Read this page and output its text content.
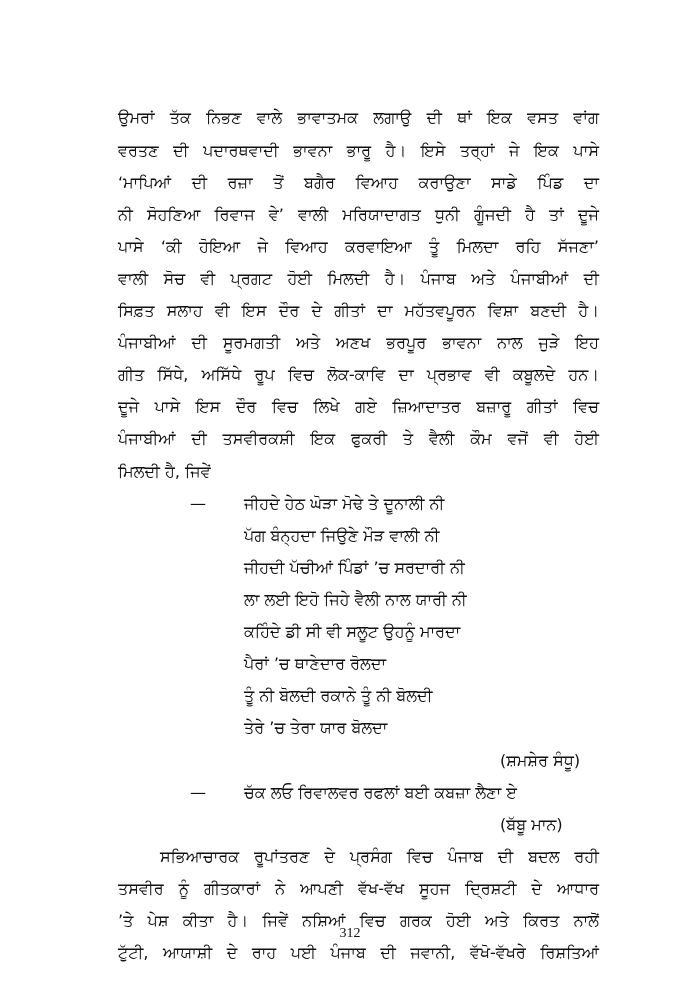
ਉਮਰਾਂ ਤੱਕ ਨਿਭਣ ਵਾਲੇ ਭਾਵਾਤਮਕ ਲਗਾਉ ਦੀ ਥਾਂ ਇਕ ਵਸਤ ਵਾਂਗ
ਵਰਤਣ ਦੀ ਪਦਾਰਥਵਾਦੀ ਭਾਵਨਾ ਭਾਰੂ ਹੈ। ਇਸੇ ਤਰ੍ਹਾਂ ਜੇ ਇਕ ਪਾਸੇ
‘ਮਾਪਿਆਂ ਦੀ ਰਜ਼ਾ ਤੋਂ ਬਗੈਰ ਵਿਆਹ ਕਰਾਉਣਾ ਸਾਡੇ ਪਿੰਡ ਦਾ
ਨੀ ਸੋਹਣਿਆ ਰਿਵਾਜ ਵੇ’ ਵਾਲੀ ਮਰਿਯਾਦਾਗਤ ਧੁਨੀ ਗੂੰਜਦੀ ਹੈ ਤਾਂ ਦੂਜੇ
ਪਾਸੇ ‘ਕੀ ਹੋਇਆ ਜੇ ਵਿਆਹ ਕਰਵਾਇਆ ਤੂੰ ਮਿਲਦਾ ਰਹਿ ਸੱਜਣਾ’
ਵਾਲੀ ਸੋਚ ਵੀ ਪ੍ਰਗਟ ਹੋਈ ਮਿਲਦੀ ਹੈ। ਪੰਜਾਬ ਅਤੇ ਪੰਜਾਬੀਆਂ ਦੀ
ਸਿਫ਼ਤ ਸਲਾਹ ਵੀ ਇਸ ਦੌਰ ਦੇ ਗੀਤਾਂ ਦਾ ਮਹੱਤਵਪੂਰਨ ਵਿਸ਼ਾ ਬਣਦੀ ਹੈ।
ਪੰਜਾਬੀਆਂ ਦੀ ਸੂਰਮਗਤੀ ਅਤੇ ਅਣਖ ਭਰਪੂਰ ਭਾਵਨਾ ਨਾਲ ਜੁੜੇ ਇਹ
ਗੀਤ ਸਿੱਧੇ, ਅਸਿੱਧੇ ਰੂਪ ਵਿਚ ਲੋਕ-ਕਾਵਿ ਦਾ ਪ੍ਰਭਾਵ ਵੀ ਕਬੂਲਦੇ ਹਨ।
ਦੂਜੇ ਪਾਸੇ ਇਸ ਦੌਰ ਵਿਚ ਲਿਖੇ ਗਏ ਜ਼ਿਆਦਾਤਰ ਬਜ਼ਾਰੂ ਗੀਤਾਂ ਵਿਚ
ਪੰਜਾਬੀਆਂ ਦੀ ਤਸਵੀਰਕਸ਼ੀ ਇਕ ਫੁਕਰੀ ਤੇ ਵੈਲੀ ਕੌਮ ਵਜੋਂ ਵੀ ਹੋਈ
ਮਿਲਦੀ ਹੈ, ਜਿਵੇਂ
— ਜੀਹਦੇ ਹੇਠ ਘੋੜਾ ਮੋਢੇ ਤੇ ਦੂਨਾਲੀ ਨੀ
ਪੱਗ ਬੰਨ੍ਹਦਾ ਜਿਉਣੇ ਮੌੜ ਵਾਲੀ ਨੀ
ਜੀਹਦੀ ਪੱਚੀਆਂ ਪਿੰਡਾਂ ’ਚ ਸਰਦਾਰੀ ਨੀ
ਲਾ ਲਈ ਇਹੋ ਜਿਹੇ ਵੈਲੀ ਨਾਲ ਯਾਰੀ ਨੀ
ਕਹਿੰਦੇ ਡੀ ਸੀ ਵੀ ਸਲੂਟ ਉਹਨੂੰ ਮਾਰਦਾ
ਪੈਰਾਂ ’ਚ ਥਾਣੇਦਾਰ ਰੋਲਦਾ
ਤੂੰ ਨੀ ਬੋਲਦੀ ਰਕਾਨੇ ਤੂੰ ਨੀ ਬੋਲਦੀ
ਤੇਰੇ ’ਚ ਤੇਰਾ ਯਾਰ ਬੋਲਦਾ
(ਸ਼ਮਸ਼ੇਰ ਸੰਧੂ)
— ਚੱਕ ਲਓ ਰਿਵਾਲਵਰ ਰਫਲਾਂ ਬਈ ਕਬਜ਼ਾ ਲੈਣਾ ਏ
(ਬੱਬੂ ਮਾਨ)
ਸਭਿਆਚਾਰਕ ਰੂਪਾਂਤਰਣ ਦੇ ਪ੍ਰਸੰਗ ਵਿਚ ਪੰਜਾਬ ਦੀ ਬਦਲ ਰਹੀ
ਤਸਵੀਰ ਨੂੰ ਗੀਤਕਾਰਾਂ ਨੇ ਆਪਣੀ ਵੱਖ-ਵੱਖ ਸੂਹਜ ਦ੍ਰਿਸ਼ਟੀ ਦੇ ਆਧਾਰ
’ਤੇ ਪੇਸ਼ ਕੀਤਾ ਹੈ। ਜਿਵੇਂ ਨਸ਼ਿਆਂ ਵਿਚ ਗਰਕ ਹੋਈ ਅਤੇ ਕਿਰਤ ਨਾਲੋਂ
ਟੁੱਟੀ, ਆਯਾਸ਼ੀ ਦੇ ਰਾਹ ਪਈ ਪੰਜਾਬ ਦੀ ਜਵਾਨੀ, ਵੱਖੋ-ਵੱਖਰੇ ਰਿਸ਼ਤਿਆਂ
312
